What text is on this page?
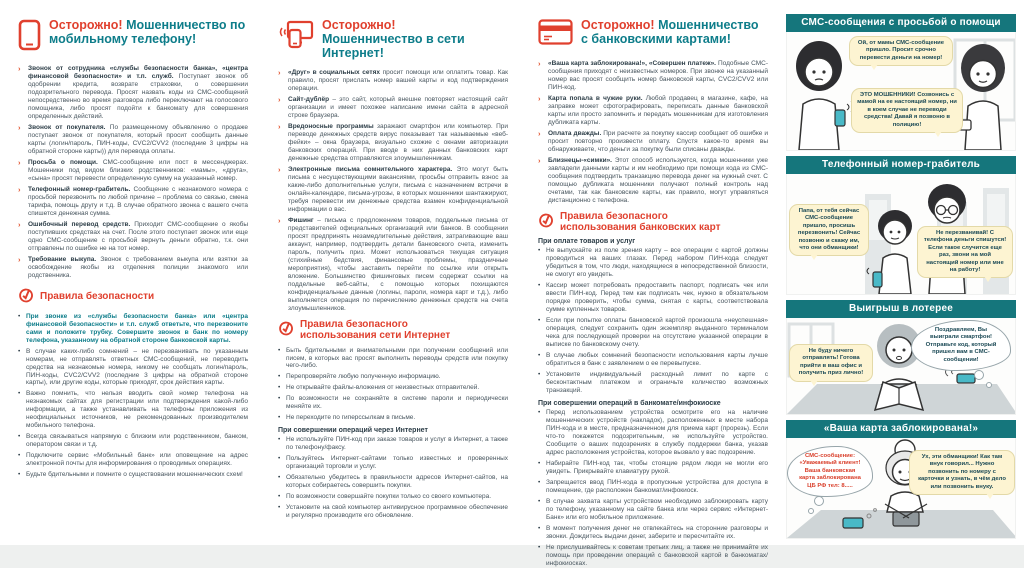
Осторожно! Мошенничество по мобильному телефону!
›	Звонок от сотрудника «службы безопасности банка», «центра финансовой безопасности» и т.п. служб. Поступает звонок об одобрении кредита, возврате страховки, о совершении подозрительного перевода. Просят назвать коды из СМС-сообщений непосредственно во время разговора либо переключают на голосового помощника, либо просят подойти к банкомату для совершения определенных действий.

›	Звонок от покупателя. По размещенному объявлению о продаже поступает звонок от покупателя, который просит сообщить данные карты (логин/пароль, ПИН-коды, CVC2/CVV2 (последние 3 цифры на обратной стороне карты)) для перевода оплаты.

›	Просьба о помощи. СМС-сообщение или пост в мессенджерах. Мошенники под видом близких родственников: «мамы», «друга», «сына» просят перевести определенную сумму на указанный номер.

›	Телефонный номер-грабитель. Сообщение с незнакомого номера с просьбой перезвонить по любой причине – проблема со связью, смена тарифа, помощь другу и т.д. В случае обратного звонка с вашего счета спишется денежная сумма.

›	Ошибочный перевод средств. Приходит СМС-сообщение о якобы поступивших средствах на счет. После этого поступает звонок или еще одно СМС-сообщение с просьбой вернуть деньги обратно, т.к. они отправлены по ошибке не на тот номер.

›	Требование выкупа. Звонок с требованием выкупа или взятки за освобождение якобы из отделения полиции знакомого или родственника.

Правила безопасности
• При звонке из «службы безопасности банка» или «центра финансовой безопасности» и т.п. служб ответьте, что перезвоните сами и положите трубку. Совершите звонок в банк по номеру телефона, указанному на обратной стороне банковской карты.

• В случае каких-либо сомнений – не перезванивать по указанным номерам, не отправлять ответных СМС-сообщений, не переводить средства на незнакомые номера, никому не сообщать логин/пароль, ПИН-коды, CVC2/CVV2 (последние 3 цифры на обратной стороне карты), или другие коды, которые приходят, срок действия карты.

• Важно помнить, что нельзя вводить свой номер телефона на незнакомых сайтах для регистрации или подтверждения какой-либо информации, а также устанавливать на телефоны приложения из неофициальных источников, не рекомендованных производителем мобильного телефона.

• Всегда связываться напрямую с близким или родственником, банком, оператором связи и т.д.

• Подключите сервис «Мобильный банк» или оповещение на адрес электронной почты для информирования о проводимых операциях.

• Будьте бдительными и помните о существовании мошеннических схем!

Осторожно!
Мошенничество в сети Интернет!
›	«Друг» в социальных сетях просит помощи или оплатить товар. Как правило, просят прислать номер вашей карты и код подтверждения операции.

›	Сайт-дублёр – это сайт, который внешне повторяет настоящий сайт организации и имеет похожее написание имени сайта в адресной строке браузера.

›	Вредоносные программы заражают смартфон или компьютер. При переводе денежных средств вирус показывает так называемые «веб-фейки» – окна браузера, визуально схожие с окнами авторизации банковских операций. При вводе в них данных банковских карт денежные средства отправляются злоумышленникам.

›	Электронные письма сомнительного характера. Это могут быть письма с несуществующими вакансиями, просьбы отправить взнос за какие-либо дополнительные услуги, письма с назначением встречи в онлайн-календаре, письма-угрозы, в которых мошенники шантажируют, требуя перевести им денежные средства взамен конфиденциальной информации о вас.

›	Фишинг – письма с предложением товаров, поддельные письма от представителей официальных организаций или банков. В сообщении просят предпринять незамедлительные действия, затрагивающие ваш аккаунт, например, подтвердить детали банковского счета, изменить пароль, получить приз. Может использоваться текущая ситуация (стихийные бедствия, финансовые проблемы, праздничные мероприятия), чтобы заставить перейти по ссылке или открыть вложение. Большинство фишинговых писем содержат ссылки на поддельные веб-сайты, с помощью которых похищаются конфиденциальные данные (логины, пароли, номера карт и т.д.), либо выполняется операция по перечислению денежных средств на счета злоумышленников.

Правила безопасного использования сети Интернет
• Быть бдительными и внимательными при получении сообщений или писем, в которых вас просят выполнить переводы средств или покупку чего-либо.

• Перепроверяйте любую полученную информацию.

• Не открывайте файлы-вложения от неизвестных отправителей.

• По возможности не сохраняйте в системе пароли и периодически меняйте их.

• Не переходите по гиперссылкам в письме.

При совершении операций через Интернет
• Не используйте ПИН-код при заказе товаров и услуг в Интернет, а также по телефону/факсу.

• Пользуйтесь Интернет-сайтами только известных и проверенных организаций торговли и услуг.

• Обязательно убедитесь в правильности адресов Интернет-сайтов, на которых собираетесь совершить покупки.

• По возможности совершайте покупки только со своего компьютера.

• Установите на свой компьютер антивирусное программное обеспечение и регулярно производите его обновление.

Осторожно! Мошенничество с банковскими картами!
›	«Ваша карта заблокирована!», «Совершен платеж». Подобные СМС-сообщения приходят с неизвестных номеров. При звонке на указанный номер вас просят сообщить номер банковской карты, CVC2/CVV2 или ПИН-код.

›	Карта попала в чужие руки. Любой продавец в магазине, кафе, на заправке может сфотографировать, переписать данные банковской карты или просто запомнить и передать мошенникам для изготовления дубликата карты.

›	Оплата дважды. При расчете за покупку кассир сообщает об ошибке и просит повторно произвести оплату. Спустя какое-то время вы обнаруживаете, что деньги за покупку были списаны дважды.

›	Близнецы-«симки». Этот способ используется, когда мошенники уже завладели данными карты и им необходимо при помощи кода из СМС-сообщения подтвердить транзакцию перевода денег на нужный счет. С помощью дубликата мошенники получают полный контроль над счетами, так как банковские карты, как правило, могут управляться дистанционно с телефона.

Правила безопасного использования банковских карт
При оплате товаров и услуг
• Не выпускайте из поле зрения карту – все операции с картой должны проводиться на ваших глазах. Перед набором ПИН-кода следует убедиться в том, что люди, находящиеся в непосредственной близости, не смогут его увидеть.

• Кассир может потребовать предоставить паспорт, подписать чек или ввести ПИН-код. Перед тем как подписать чек, нужно в обязательном порядке проверить, чтобы сумма, снятая с карты, соответствовала сумме купленных товаров.

• Если при попытке оплаты банковской картой произошла «неуспешная» операция, следует сохранить один экземпляр выданного терминалом чека для последующей проверки на отсутствие указанной операции в выписке по банковскому счету.

• В случае любых сомнений безопасности использования карты лучше обратиться в банк с заявлением о ее перевыпуске.

• Установите индивидуальный расходный лимит по карте с бесконтактным платежом и ограничьте количество возможных транзакций.

При совершении операций в банкомате/инфокиоске
• Перед использованием устройства осмотрите его на наличие мошеннических устройств (накладок), расположенных в месте набора ПИН-кода и в месте, предназначенном для приема карт (прорезь). Если что-то покажется подозрительным, не используйте устройство. Сообщите о ваших подозрениях в службу поддержки банка, указав адрес расположения устройства, которое вызвало у вас подозрение.

• Набирайте ПИН-код так, чтобы стоящие рядом люди не могли его увидеть. Прикрывайте клавиатуру рукой.

• Запрещается ввод ПИН-кода в пропускные устройства для доступа в помещение, где расположен банкомат/инфокиоск.

• В случае захвата карты устройством необходимо заблокировать карту по телефону, указанному на сайте банка или через сервис «Интернет-Банк» или его мобильное приложение.

• В момент получения денег не отвлекайтесь на сторонние разговоры и звонки. Дождитесь выдачи денег, заберите и пересчитайте их.

• Не прислушивайтесь к советам третьих лиц, а также не принимайте их помощь при проведении операций с банковской картой в банкоматах/инфокиосках.

СМС-сообщения с просьбой о помощи
Ой, от мамы СМС-сообщение пришло. Просит срочно перевести деньги на номер!
ЭТО МОШЕННИКИ! Созвонись с мамой на ее настоящий номер, ни в коем случае не переводи средства! Давай я позвоню в полицию!
Телефонный номер-грабитель
Папа, от тебя сейчас СМС-сообщение пришло, просишь перезвонить! Сейчас позвоню и скажу им, что они обманщики!
Не перезванивай! С телефона деньги спишутся! Если такое случится еще раз, звони на мой настоящий номер или мне на работу!
Выигрыш в лотерее
Не буду ничего отправлять! Готова прийти в ваш офис и получить приз лично!
Поздравляем, Вы выиграли смартфон! Отправьте код, который пришел вам в СМС-сообщении!
«Ваша карта заблокирована!»
СМС-сообщение: «Уважаемый клиент! Ваша банковская карта заблокирована ЦБ РФ тел: 8.....
Ух, эти обманщики! Как там внук говорил... Нужно позвонить по номеру с карточки и узнать, в чём дело или позвонить внуку.
